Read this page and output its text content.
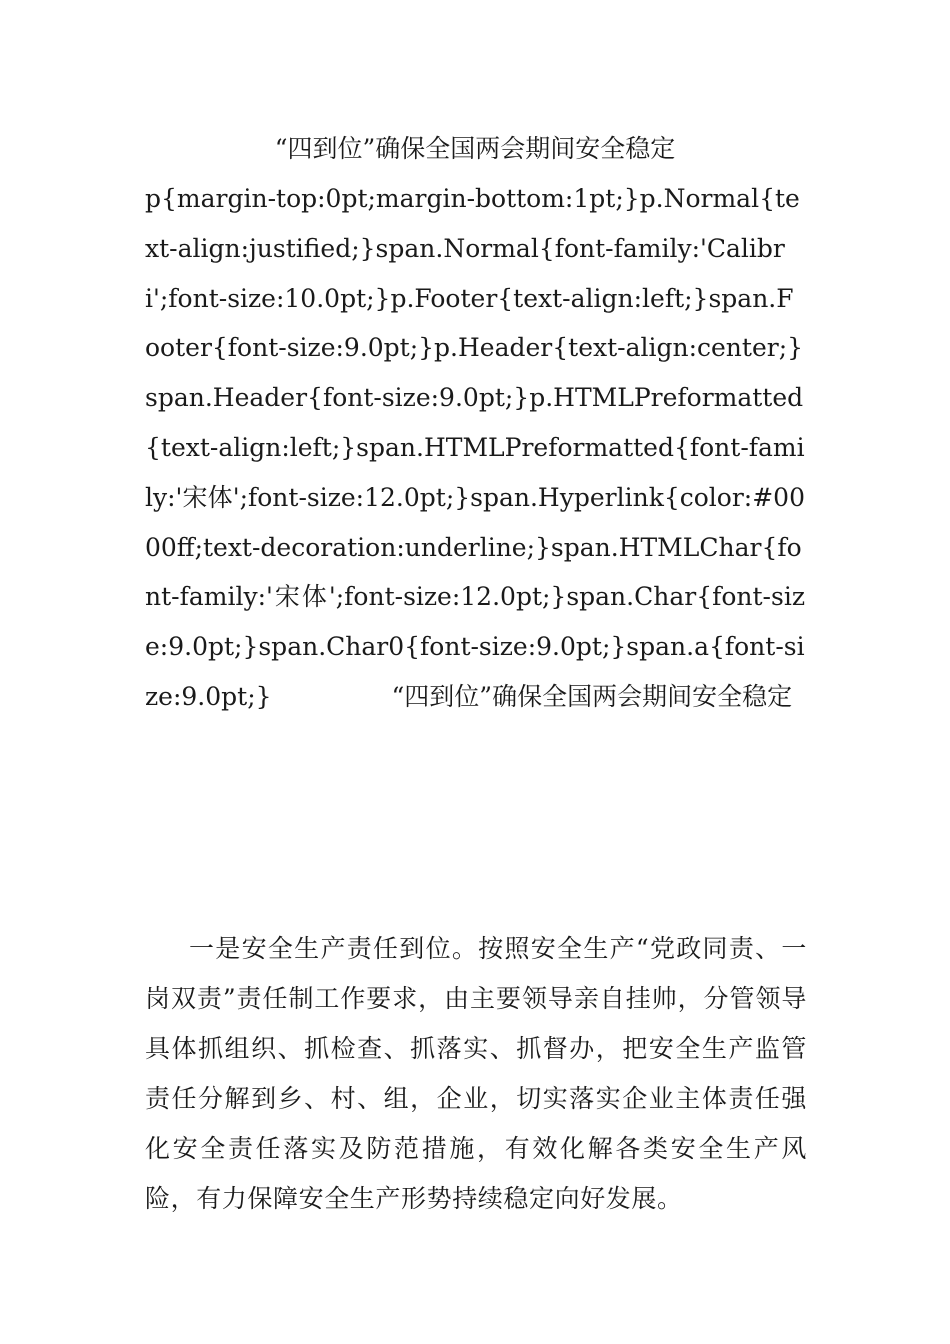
“四到位”确保全国两会期间安全稳定
p{margin-top:0pt;margin-bottom:1pt;}p.Normal{text-align:justified;}span.Normal{font-family:'Calibri';font-size:10.0pt;}p.Footer{text-align:left;}span.Footer{font-size:9.0pt;}p.Header{text-align:center;}span.Header{font-size:9.0pt;}p.HTMLPreformatted{text-align:left;}span.HTMLPreformatted{font-family:'宋体';font-size:12.0pt;}span.Hyperlink{color:#0000ff;text-decoration:underline;}span.HTMLChar{font-family:'宋体';font-size:12.0pt;}span.Char{font-size:9.0pt;}span.Char0{font-size:9.0pt;}span.a{font-size:9.0pt;}	“四到位”确保全国两会期间安全稳定
一是安全生产责任到位。按照安全生产“党政同责、一岗双责”责任制工作要求，由主要领导亲自挂帅，分管领导具体抓组织、抓检查、抓落实、抓督办，把安全生产监管责任分解到乡、村、组，企业，切实落实企业主体责任强化安全责任落实及防范措施，有效化解各类安全生产风险，有力保障安全生产形势持续稳定向好发展。
